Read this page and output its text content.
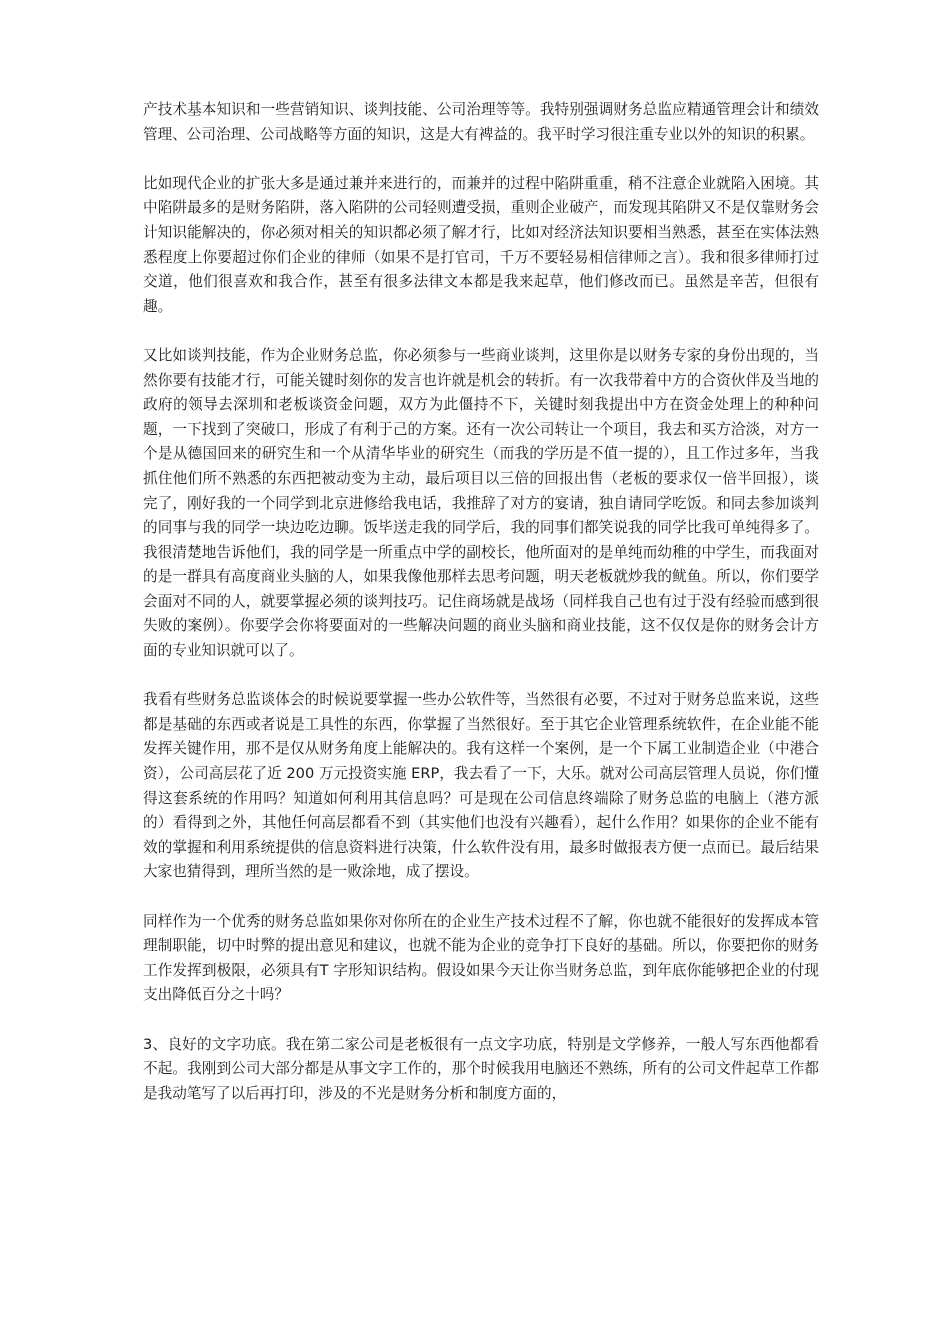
产技术基本知识和一些营销知识、谈判技能、公司治理等等。我特别强调财务总监应精通管理会计和绩效管理、公司治理、公司战略等方面的知识，这是大有裨益的。我平时学习很注重专业以外的知识的积累。

比如现代企业的扩张大多是通过兼并来进行的，而兼并的过程中陷阱重重，稍不注意企业就陷入困境。其中陷阱最多的是财务陷阱，落入陷阱的公司轻则遭受损，重则企业破产，而发现其陷阱又不是仅靠财务会计知识能解决的，你必须对相关的知识都必须了解才行，比如对经济法知识要相当熟悉，甚至在实体法熟悉程度上你要超过你们企业的律师（如果不是打官司，千万不要轻易相信律师之言）。我和很多律师打过交道，他们很喜欢和我合作，甚至有很多法律文本都是我来起草，他们修改而已。虽然是辛苦，但很有趣。

又比如谈判技能，作为企业财务总监，你必须参与一些商业谈判，这里你是以财务专家的身份出现的，当然你要有技能才行，可能关键时刻你的发言也许就是机会的转折。有一次我带着中方的合资伙伴及当地的政府的领导去深圳和老板谈资金问题，双方为此僵持不下，关键时刻我提出中方在资金处理上的种种问题，一下找到了突破口，形成了有利于己的方案。还有一次公司转让一个项目，我去和买方洽淡，对方一个是从德国回来的研究生和一个从清华毕业的研究生（而我的学历是不值一提的），且工作过多年，当我抓住他们所不熟悉的东西把被动变为主动，最后项目以三倍的回报出售（老板的要求仅一倍半回报），谈完了，刚好我的一个同学到北京进修给我电话，我推辞了对方的宴请，独自请同学吃饭。和同去参加谈判的同事与我的同学一块边吃边聊。饭毕送走我的同学后，我的同事们都笑说我的同学比我可单纯得多了。我很清楚地告诉他们，我的同学是一所重点中学的副校长，他所面对的是单纯而幼稚的中学生，而我面对的是一群具有高度商业头脑的人，如果我像他那样去思考问题，明天老板就炒我的鱿鱼。所以，你们要学会面对不同的人，就要掌握必须的谈判技巧。记住商场就是战场（同样我自己也有过于没有经验而感到很失败的案例）。你要学会你将要面对的一些解决问题的商业头脑和商业技能，这不仅仅是你的财务会计方面的专业知识就可以了。

我看有些财务总监谈体会的时候说要掌握一些办公软件等，当然很有必要，不过对于财务总监来说，这些都是基础的东西或者说是工具性的东西，你掌握了当然很好。至于其它企业管理系统软件，在企业能不能发挥关键作用，那不是仅从财务角度上能解决的。我有这样一个案例，是一个下属工业制造企业（中港合资），公司高层花了近 200 万元投资实施 ERP，我去看了一下，大乐。就对公司高层管理人员说，你们懂得这套系统的作用吗？知道如何利用其信息吗？可是现在公司信息终端除了财务总监的电脑上（港方派的）看得到之外，其他任何高层都看不到（其实他们也没有兴趣看），起什么作用？如果你的企业不能有效的掌握和利用系统提供的信息资料进行决策，什么软件没有用，最多时做报表方便一点而已。最后结果大家也猜得到，理所当然的是一败涂地，成了摆设。

同样作为一个优秀的财务总监如果你对你所在的企业生产技术过程不了解，你也就不能很好的发挥成本管理制职能，切中时弊的提出意见和建议，也就不能为企业的竞争打下良好的基础。所以，你要把你的财务工作发挥到极限，必须具有T 字形知识结构。假设如果今天让你当财务总监，到年底你能够把企业的付现支出降低百分之十吗？

3、良好的文字功底。我在第二家公司是老板很有一点文字功底，特别是文学修养，一般人写东西他都看不起。我刚到公司大部分都是从事文字工作的，那个时候我用电脑还不熟练，所有的公司文件起草工作都是我动笔写了以后再打印，涉及的不光是财务分析和制度方面的，
